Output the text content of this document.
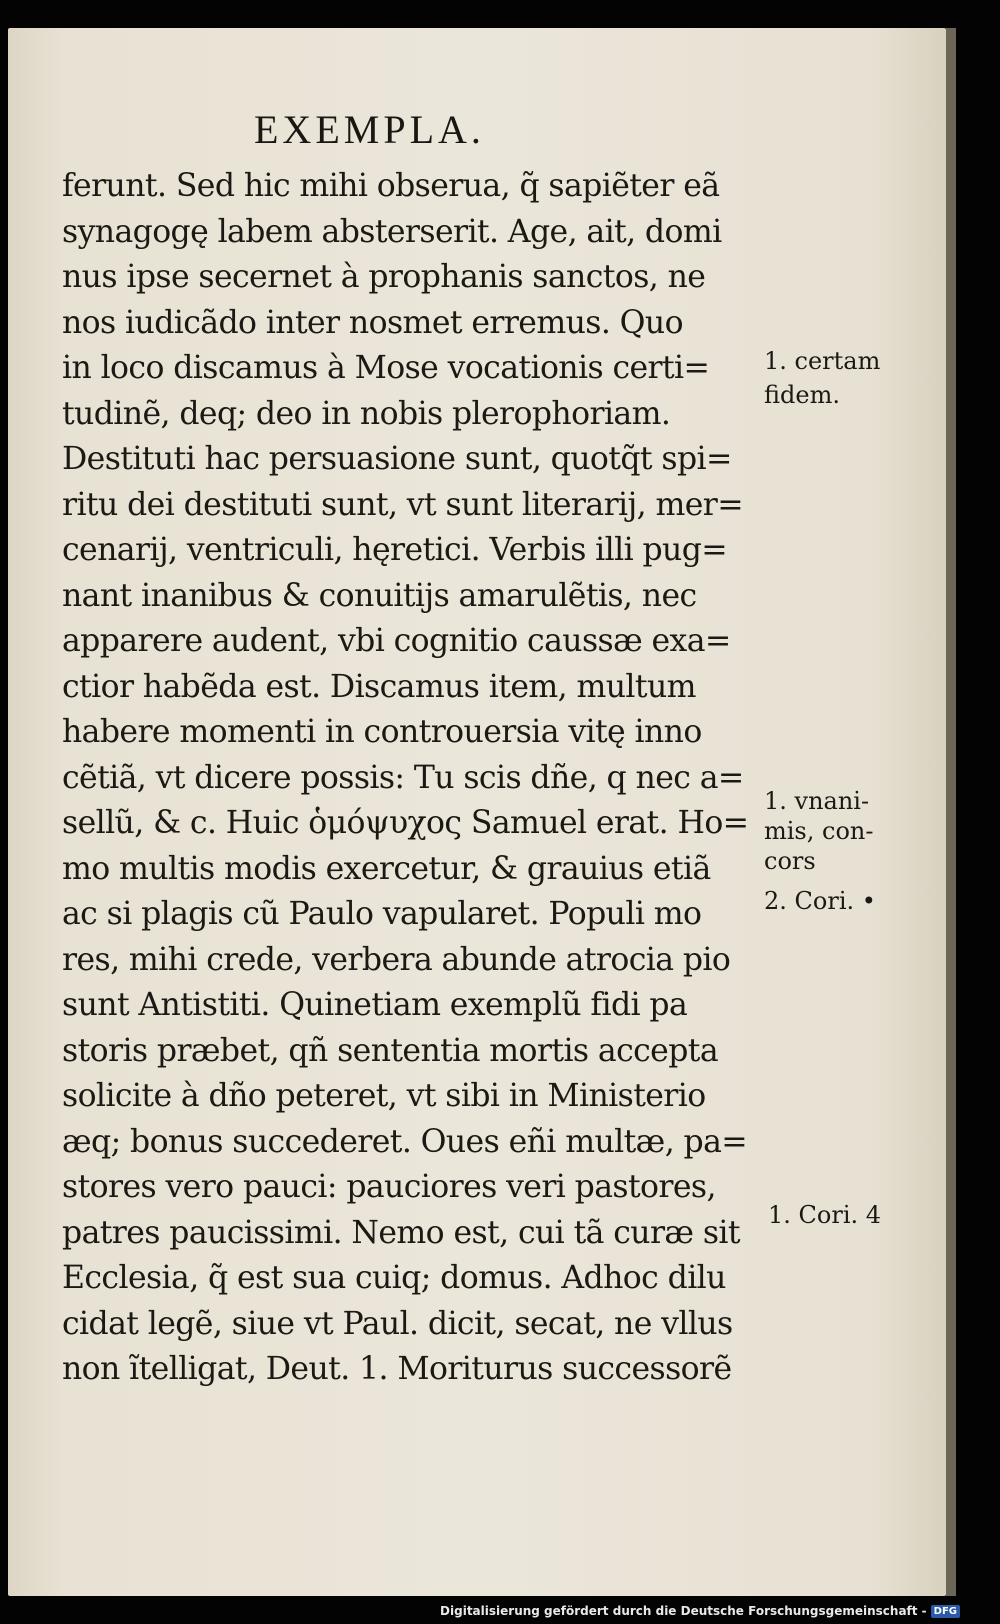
EXEMPLA.
ferunt. Sed hic mihi obserua, q̃ sapiẽter eã
synagogę labem absterserit. Age, ait, domi
nus ipse secernet à prophanis sanctos, ne
nos iudicãdo inter nosmet erremus. Quo
in loco discamus à Mose vocationis certi=
tudinẽ, deq; deo in nobis plerophoriam.
Destituti hac persuasione sunt, quotq̃t spi=
ritu dei destituti sunt, vt sunt literarij, mer=
cenarij, ventriculi, hęretici. Verbis illi pug=
nant inanibus & conuitijs amarulẽtis, nec
apparere audent, vbi cognitio caussæ exa=
ctior habẽda est. Discamus item, multum
habere momenti in controuersia vitę inno
cẽtiã, vt dicere possis: Tu scis dñe, q nec a=
sellũ, & c. Huic ὁμόψυχος Samuel erat. Ho=
mo multis modis exercetur, & grauius etiã
ac si plagis cũ Paulo vapularet. Populi mo
res, mihi crede, verbera abunde atrocia pio
sunt Antistiti. Quinetiam exemplũ fidi pa
storis præbet, qñ sententia mortis accepta
solicite à dño peteret, vt sibi in Ministerio
æq; bonus succederet. Oues eñi multæ, pa=
stores vero pauci: pauciores veri pastores,
patres paucissimi. Nemo est, cui tã curæ sit
Ecclesia, q̃ est sua cuiq; domus. Adhoc dilu
cidat legẽ, siue vt Paul. dicit, secat, ne vllus
non ĩtelligat, Deut. 1. Moriturus successorẽ
1. certam
fidem.
1. vnani-
mis, con-
cors
2. Cori. •
1. Cori. 4
Digitalisierung gefördert durch die Deutsche Forschungsgemeinschaft - DFG
